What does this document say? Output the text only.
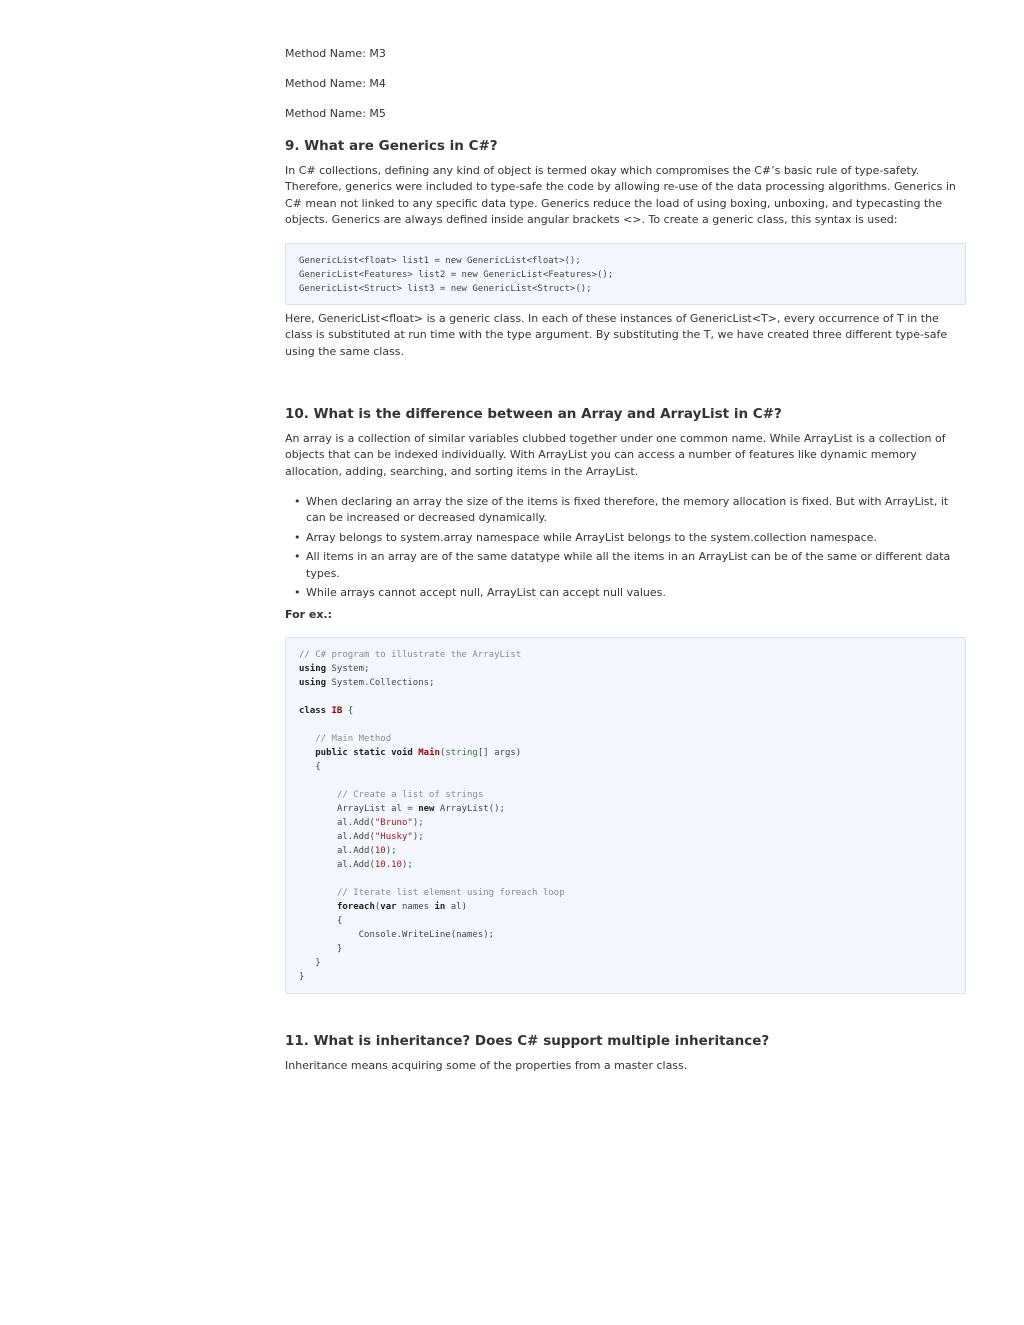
Method Name: M3

Method Name: M4

Method Name: M5

9. What are Generics in C#?

In C# collections, defining any kind of object is termed okay which compromises the C#’s basic rule of type-safety. Therefore, generics were included to type-safe the code by allowing re-use of the data processing algorithms. Generics in C# mean not linked to any specific data type. Generics reduce the load of using boxing, unboxing, and typecasting the objects. Generics are always defined inside angular brackets <>. To create a generic class, this syntax is used:

GenericList<float> list1 = new GenericList<float>();
GenericList<Features> list2 = new GenericList<Features>();
GenericList<Struct> list3 = new GenericList<Struct>();

Here, GenericList<float> is a generic class. In each of these instances of GenericList<T>, every occurrence of T in the class is substituted at run time with the type argument. By substituting the T, we have created three different type-safe using the same class.

10. What is the difference between an Array and ArrayList in C#?

An array is a collection of similar variables clubbed together under one common name. While ArrayList is a collection of objects that can be indexed individually. With ArrayList you can access a number of features like dynamic memory allocation, adding, searching, and sorting items in the ArrayList.

• When declaring an array the size of the items is fixed therefore, the memory allocation is fixed. But with ArrayList, it can be increased or decreased dynamically.
• Array belongs to system.array namespace while ArrayList belongs to the system.collection namespace.
• All items in an array are of the same datatype while all the items in an ArrayList can be of the same or different data types.
• While arrays cannot accept null, ArrayList can accept null values.

For ex.:

// C# program to illustrate the ArrayList
using System;
using System.Collections;

class IB {

// Main Method
public static void Main(string[] args)
{

// Create a list of strings
ArrayList al = new ArrayList();
al.Add("Bruno");
al.Add("Husky");
al.Add(10);
al.Add(10.10);

// Iterate list element using foreach loop
foreach(var names in al)
{
Console.WriteLine(names);
}
}
}
11. What is inheritance? Does C# support multiple inheritance?

Inheritance means acquiring some of the properties from a master class.
